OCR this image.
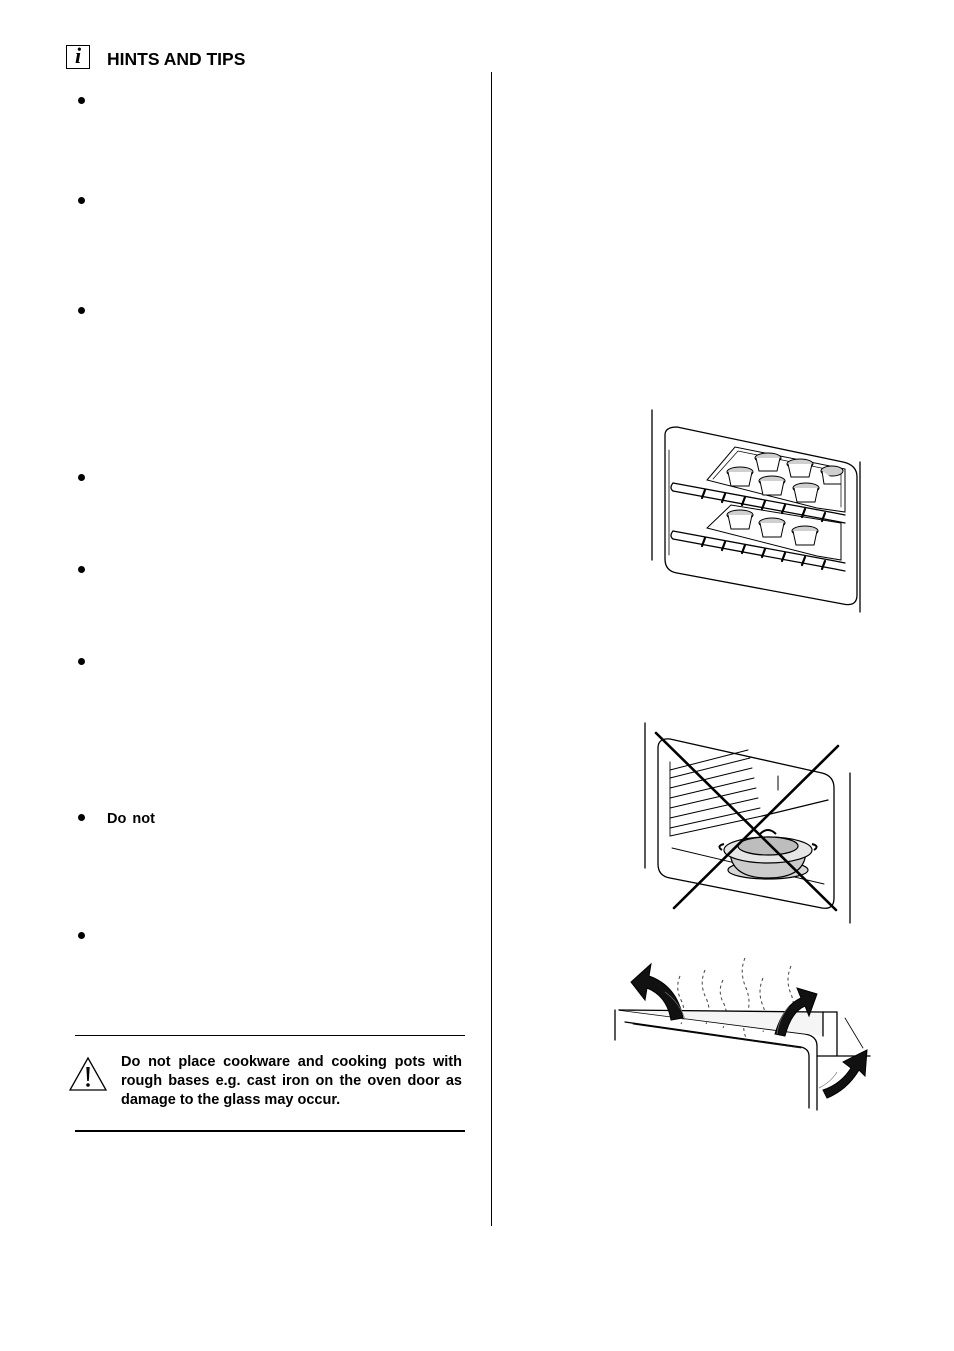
i	HINTS AND TIPS
Do not
Do not place cookware and cooking pots with rough bases e.g. cast iron on the oven door as damage to the glass may occur.
